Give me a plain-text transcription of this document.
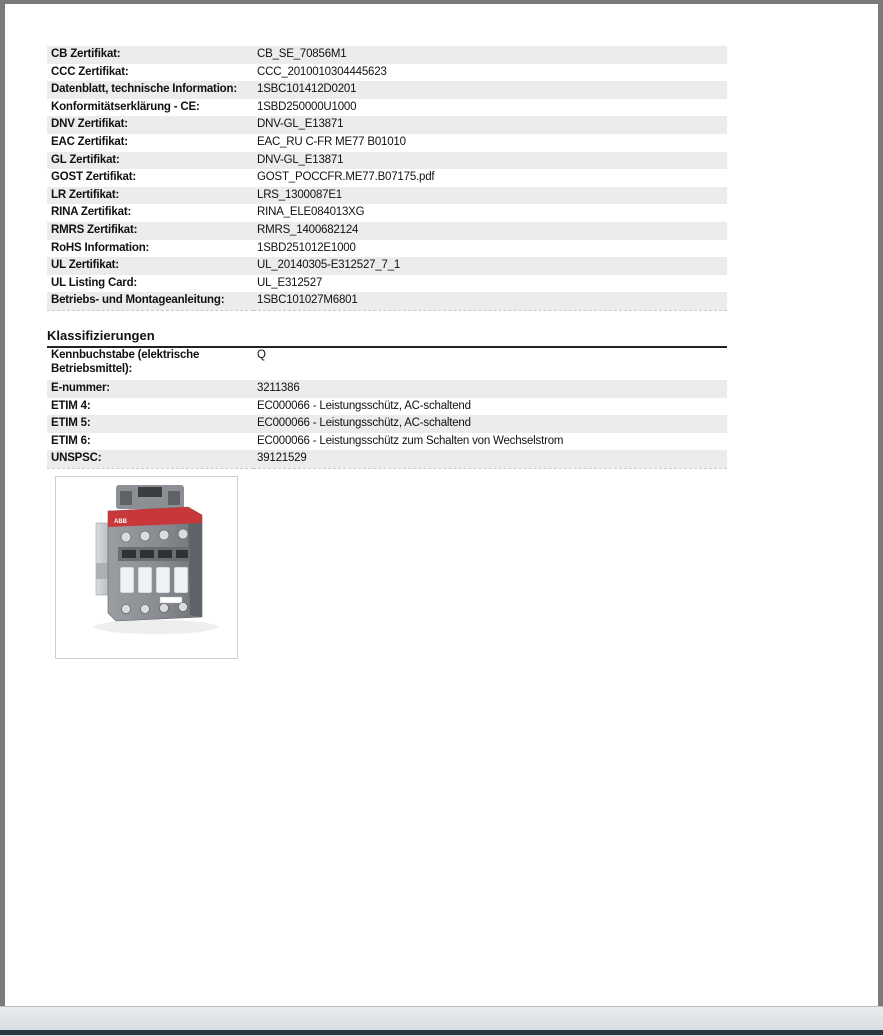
CB Zertifikat:	CB_SE_70856M1
CCC Zertifikat:	CCC_2010010304445623
Datenblatt, technische Information:	1SBC101412D0201
Konformitätserklärung - CE:	1SBD250000U1000
DNV Zertifikat:	DNV-GL_E13871
EAC Zertifikat:	EAC_RU C-FR ME77 B01010
GL Zertifikat:	DNV-GL_E13871
GOST Zertifikat:	GOST_POCCFR.ME77.B07175.pdf
LR Zertifikat:	LRS_1300087E1
RINA Zertifikat:	RINA_ELE084013XG
RMRS Zertifikat:	RMRS_1400682124
RoHS Information:	1SBD251012E1000
UL Zertifikat:	UL_20140305-E312527_7_1
UL Listing Card:	UL_E312527
Betriebs- und Montageanleitung:	1SBC101027M6801
Klassifizierungen
Kennbuchstabe (elektrische Betriebsmittel):	Q
E-nummer:	3211386
ETIM 4:	EC000066 - Leistungsschütz, AC-schaltend
ETIM 5:	EC000066 - Leistungsschütz, AC-schaltend
ETIM 6:	EC000066 - Leistungsschütz zum Schalten von Wechselstrom
UNSPSC:	39121529
ABB
